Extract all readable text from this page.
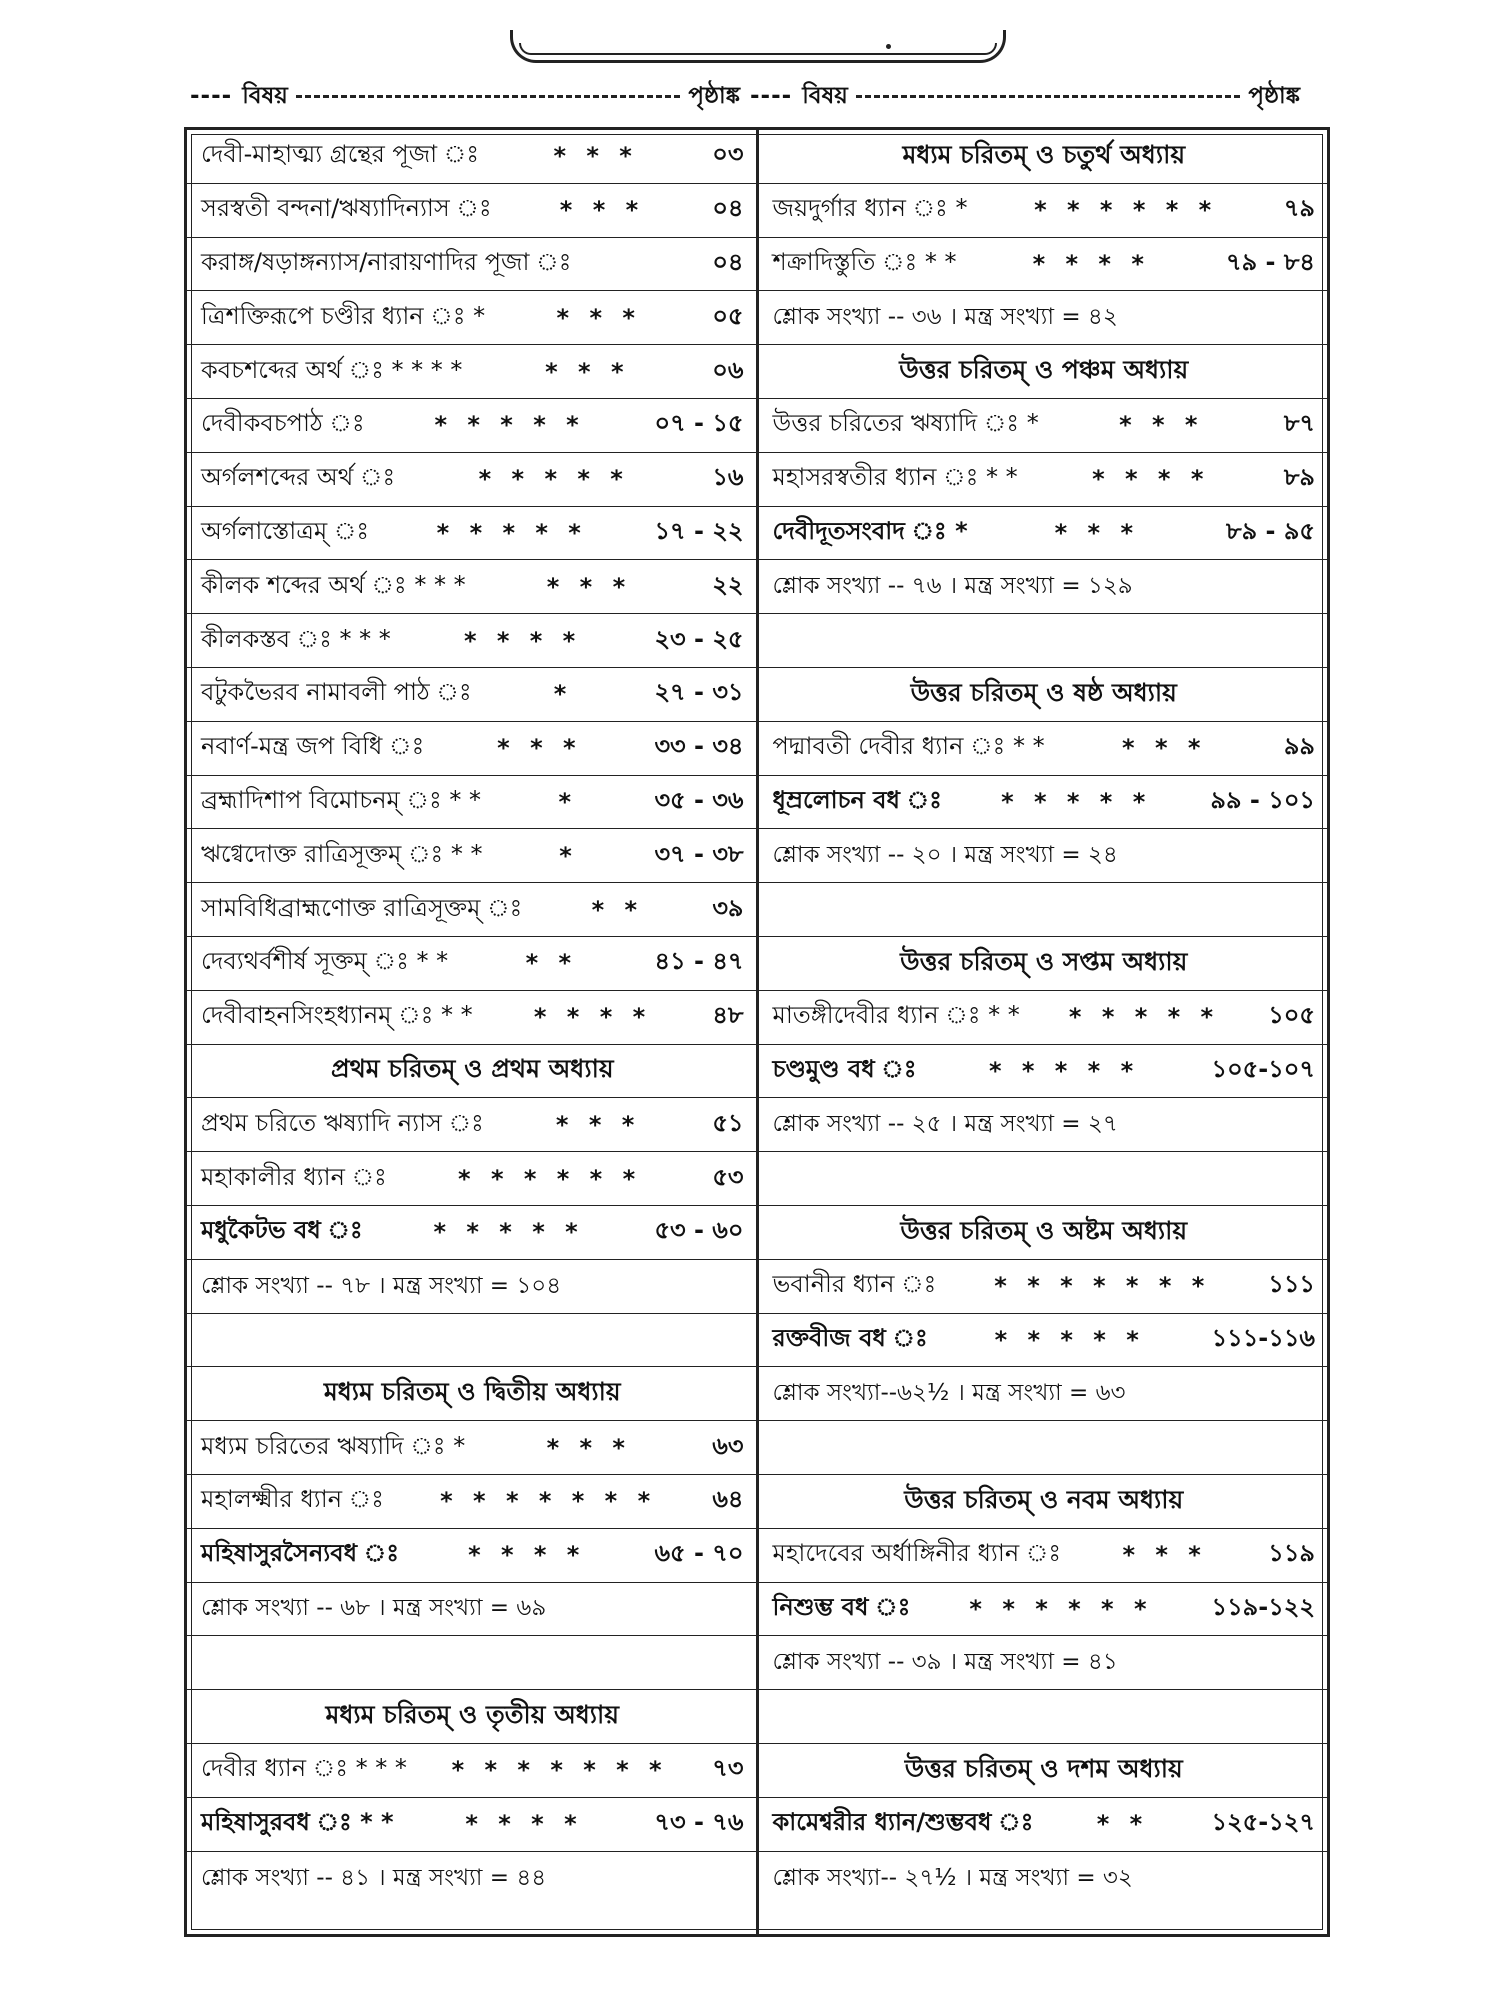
---- বিষয়	পৃষ্ঠাঙ্ক ---- বিষয়	পৃষ্ঠাঙ্ক
দেবী-মাহাত্ম্য গ্রন্থের পূজা ঃ	* * *	০৩
সরস্বতী বন্দনা/ঋষ্যাদিন্যাস ঃ	* * *	০৪
করাঙ্গ/ষড়াঙ্গন্যাস/নারায়ণাদির পূজা ঃ	০৪
ত্রিশক্তিরূপে চণ্ডীর ধ্যান ঃ *	* * *	০৫
কবচশব্দের অর্থ ঃ * * * *	* * *	০৬
দেবীকবচপাঠ ঃ	* * * * *	০৭ - ১৫
অর্গলশব্দের অর্থ ঃ	* * * * *	১৬
অর্গলাস্তোত্রম্ ঃ	* * * * *	১৭ - ২২
কীলক শব্দের অর্থ ঃ * * *	* * *	২২
কীলকস্তব ঃ * * *	* * * *	২৩ - ২৫
বটুকভৈরব নামাবলী পাঠ ঃ	*	২৭ - ৩১
নবার্ণ-মন্ত্র জপ বিধি ঃ	* * *	৩৩ - ৩৪
ব্রহ্মাদিশাপ বিমোচনম্ ঃ * *	*	৩৫ - ৩৬
ঋগ্বেদোক্ত রাত্রিসূক্তম্ ঃ * *	*	৩৭ - ৩৮
সামবিধিব্রাহ্মণোক্ত রাত্রিসূক্তম্ ঃ	* *	৩৯
দেব্যথর্বশীর্ষ সূক্তম্ ঃ * *	* *	৪১ - ৪৭
দেবীবাহনসিংহধ্যানম্ ঃ * *	* * * *	৪৮
প্রথম চরিতম্ ও প্রথম অধ্যায়
প্রথম চরিতে ঋষ্যাদি ন্যাস ঃ	* * *	৫১
মহাকালীর ধ্যান ঃ	* * * * * *	৫৩
মধুকৈটভ বধ ঃ	* * * * *	৫৩ - ৬০
শ্লোক সংখ্যা -- ৭৮ । মন্ত্র সংখ্যা = ১০৪
মধ্যম চরিতম্ ও দ্বিতীয় অধ্যায়
মধ্যম চরিতের ঋষ্যাদি ঃ *	* * *	৬৩
মহালক্ষ্মীর ধ্যান ঃ	* * * * * * *	৬৪
মহিষাসুরসৈন্যবধ ঃ	* * * *	৬৫ - ৭০
শ্লোক সংখ্যা -- ৬৮ । মন্ত্র সংখ্যা = ৬৯
মধ্যম চরিতম্ ও তৃতীয় অধ্যায়
দেবীর ধ্যান ঃ * * *	* * * * * * *	৭৩
মহিষাসুরবধ ঃ * *	* * * *	৭৩ - ৭৬
শ্লোক সংখ্যা -- ৪১ । মন্ত্র সংখ্যা = ৪৪
মধ্যম চরিতম্ ও চতুর্থ অধ্যায়
জয়দুর্গার ধ্যান ঃ *	* * * * * *	৭৯
শক্রাদিস্তুতি ঃ * *	* * * *	৭৯ - ৮৪
শ্লোক সংখ্যা -- ৩৬ । মন্ত্র সংখ্যা = ৪২
উত্তর চরিতম্ ও পঞ্চম অধ্যায়
উত্তর চরিতের ঋষ্যাদি ঃ *	* * *	৮৭
মহাসরস্বতীর ধ্যান ঃ * *	* * * *	৮৯
দেবীদূতসংবাদ ঃ *	* * *	৮৯ - ৯৫
শ্লোক সংখ্যা -- ৭৬ । মন্ত্র সংখ্যা = ১২৯
উত্তর চরিতম্ ও ষষ্ঠ অধ্যায়
পদ্মাবতী দেবীর ধ্যান ঃ * *	* * *	৯৯
ধূম্রলোচন বধ ঃ	* * * * *	৯৯ - ১০১
শ্লোক সংখ্যা -- ২০ । মন্ত্র সংখ্যা = ২৪
উত্তর চরিতম্ ও সপ্তম অধ্যায়
মাতঙ্গীদেবীর ধ্যান ঃ * *	* * * * *	১০৫
চণ্ডমুণ্ড বধ ঃ	* * * * *	১০৫-১০৭
শ্লোক সংখ্যা -- ২৫ । মন্ত্র সংখ্যা = ২৭
উত্তর চরিতম্ ও অষ্টম অধ্যায়
ভবানীর ধ্যান ঃ	* * * * * * *	১১১
রক্তবীজ বধ ঃ	* * * * *	১১১-১১৬
শ্লোক সংখ্যা--৬২½ । মন্ত্র সংখ্যা = ৬৩
উত্তর চরিতম্ ও নবম অধ্যায়
মহাদেবের অর্ধাঙ্গিনীর ধ্যান ঃ	* * *	১১৯
নিশুম্ভ বধ ঃ	* * * * * *	১১৯-১২২
শ্লোক সংখ্যা -- ৩৯ । মন্ত্র সংখ্যা = ৪১
উত্তর চরিতম্ ও দশম অধ্যায়
কামেশ্বরীর ধ্যান/শুম্ভবধ ঃ	* *	১২৫-১২৭
শ্লোক সংখ্যা-- ২৭½ । মন্ত্র সংখ্যা = ৩২
